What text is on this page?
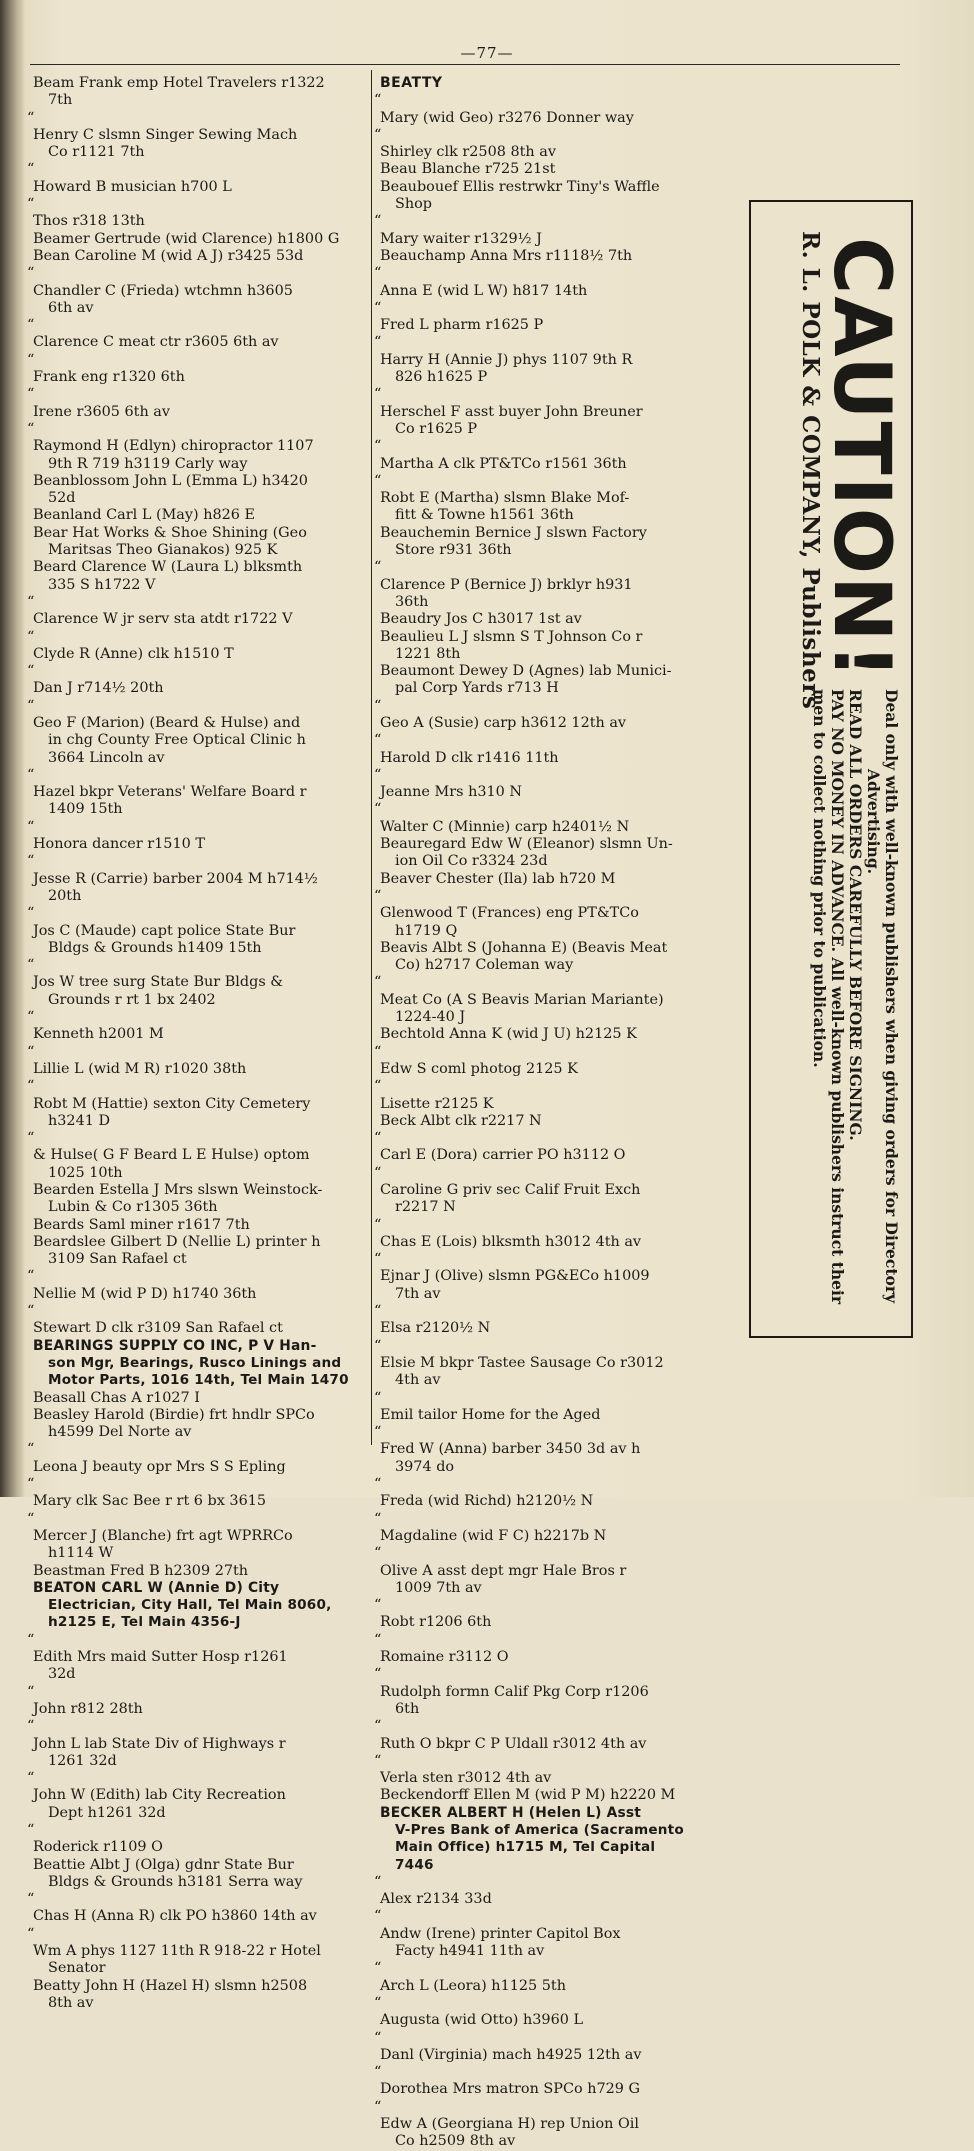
—77—
Beam Frank emp Hotel Travelers r1322
7th
“ Henry C slsmn Singer Sewing Mach
Co r1121 7th
“ Howard B musician h700 L
“ Thos r318 13th
Beamer Gertrude (wid Clarence) h1800 G
Bean Caroline M (wid A J) r3425 53d
“ Chandler C (Frieda) wtchmn h3605
6th av
“ Clarence C meat ctr r3605 6th av
“ Frank eng r1320 6th
“ Irene r3605 6th av
“ Raymond H (Edlyn) chiropractor 1107
9th R 719 h3119 Carly way
Beanblossom John L (Emma L) h3420
52d
Beanland Carl L (May) h826 E
Bear Hat Works & Shoe Shining (Geo
Maritsas Theo Gianakos) 925 K
Beard Clarence W (Laura L) blksmth
335 S h1722 V
“ Clarence W jr serv sta atdt r1722 V
“ Clyde R (Anne) clk h1510 T
“ Dan J r714½ 20th
“ Geo F (Marion) (Beard & Hulse) and
in chg County Free Optical Clinic h
3664 Lincoln av
“ Hazel bkpr Veterans' Welfare Board r
1409 15th
“ Honora dancer r1510 T
“ Jesse R (Carrie) barber 2004 M h714½
20th
“ Jos C (Maude) capt police State Bur
Bldgs & Grounds h1409 15th
“ Jos W tree surg State Bur Bldgs &
Grounds r rt 1 bx 2402
“ Kenneth h2001 M
“ Lillie L (wid M R) r1020 38th
“ Robt M (Hattie) sexton City Cemetery
h3241 D
“ & Hulse( G F Beard L E Hulse) optom
1025 10th
Bearden Estella J Mrs slswn Weinstock-
Lubin & Co r1305 36th
Beards Saml miner r1617 7th
Beardslee Gilbert D (Nellie L) printer h
3109 San Rafael ct
“ Nellie M (wid P D) h1740 36th
“ Stewart D clk r3109 San Rafael ct
BEARINGS SUPPLY CO INC, P V Han-
son Mgr, Bearings, Rusco Linings and
Motor Parts, 1016 14th, Tel Main 1470
Beasall Chas A r1027 I
Beasley Harold (Birdie) frt hndlr SPCo
h4599 Del Norte av
“ Leona J beauty opr Mrs S S Epling
“ Mary clk Sac Bee r rt 6 bx 3615
“ Mercer J (Blanche) frt agt WPRRCo
h1114 W
Beastman Fred B h2309 27th
BEATON CARL W (Annie D) City
Electrician, City Hall, Tel Main 8060,
h2125 E, Tel Main 4356-J
“ Edith Mrs maid Sutter Hosp r1261
32d
“ John r812 28th
“ John L lab State Div of Highways r
1261 32d
“ John W (Edith) lab City Recreation
Dept h1261 32d
“ Roderick r1109 O
Beattie Albt J (Olga) gdnr State Bur
Bldgs & Grounds h3181 Serra way
“ Chas H (Anna R) clk PO h3860 14th av
“ Wm A phys 1127 11th R 918-22 r Hotel
Senator
Beatty John H (Hazel H) slsmn h2508
8th av
BEATTY
“ Mary (wid Geo) r3276 Donner way
“ Shirley clk r2508 8th av
Beau Blanche r725 21st
Beaubouef Ellis restrwkr Tiny's Waffle
Shop
“ Mary waiter r1329½ J
Beauchamp Anna Mrs r1118½ 7th
“ Anna E (wid L W) h817 14th
“ Fred L pharm r1625 P
“ Harry H (Annie J) phys 1107 9th R
826 h1625 P
“ Herschel F asst buyer John Breuner
Co r1625 P
“ Martha A clk PT&TCo r1561 36th
“ Robt E (Martha) slsmn Blake Mof-
fitt & Towne h1561 36th
Beauchemin Bernice J slswn Factory
Store r931 36th
“ Clarence P (Bernice J) brklyr h931
36th
Beaudry Jos C h3017 1st av
Beaulieu L J slsmn S T Johnson Co r
1221 8th
Beaumont Dewey D (Agnes) lab Munici-
pal Corp Yards r713 H
“ Geo A (Susie) carp h3612 12th av
“ Harold D clk r1416 11th
“ Jeanne Mrs h310 N
“ Walter C (Minnie) carp h2401½ N
Beauregard Edw W (Eleanor) slsmn Un-
ion Oil Co r3324 23d
Beaver Chester (Ila) lab h720 M
“ Glenwood T (Frances) eng PT&TCo
h1719 Q
Beavis Albt S (Johanna E) (Beavis Meat
Co) h2717 Coleman way
“ Meat Co (A S Beavis Marian Mariante)
1224-40 J
Bechtold Anna K (wid J U) h2125 K
“ Edw S coml photog 2125 K
“ Lisette r2125 K
Beck Albt clk r2217 N
“ Carl E (Dora) carrier PO h3112 O
“ Caroline G priv sec Calif Fruit Exch
r2217 N
“ Chas E (Lois) blksmth h3012 4th av
“ Ejnar J (Olive) slsmn PG&ECo h1009
7th av
“ Elsa r2120½ N
“ Elsie M bkpr Tastee Sausage Co r3012
4th av
“ Emil tailor Home for the Aged
“ Fred W (Anna) barber 3450 3d av h
3974 do
“ Freda (wid Richd) h2120½ N
“ Magdaline (wid F C) h2217b N
“ Olive A asst dept mgr Hale Bros r
1009 7th av
“ Robt r1206 6th
“ Romaine r3112 O
“ Rudolph formn Calif Pkg Corp r1206
6th
“ Ruth O bkpr C P Uldall r3012 4th av
“ Verla sten r3012 4th av
Beckendorff Ellen M (wid P M) h2220 M
BECKER ALBERT H (Helen L) Asst
V-Pres Bank of America (Sacramento
Main Office) h1715 M, Tel Capital
7446
“ Alex r2134 33d
“ Andw (Irene) printer Capitol Box
Facty h4941 11th av
“ Arch L (Leora) h1125 5th
“ Augusta (wid Otto) h3960 L
“ Danl (Virginia) mach h4925 12th av
“ Dorothea Mrs matron SPCo h729 G
“ Edw A (Georgiana H) rep Union Oil
Co h2509 8th av
CAUTION!
R. L. POLK & COMPANY, Publishers
Deal only with well-known publishers when giving orders for Directory
Advertising.
READ ALL ORDERS CAREFULLY BEFORE SIGNING.
PAY NO MONEY IN ADVANCE. All well-known publishers instruct their
men to collect nothing prior to publication.
